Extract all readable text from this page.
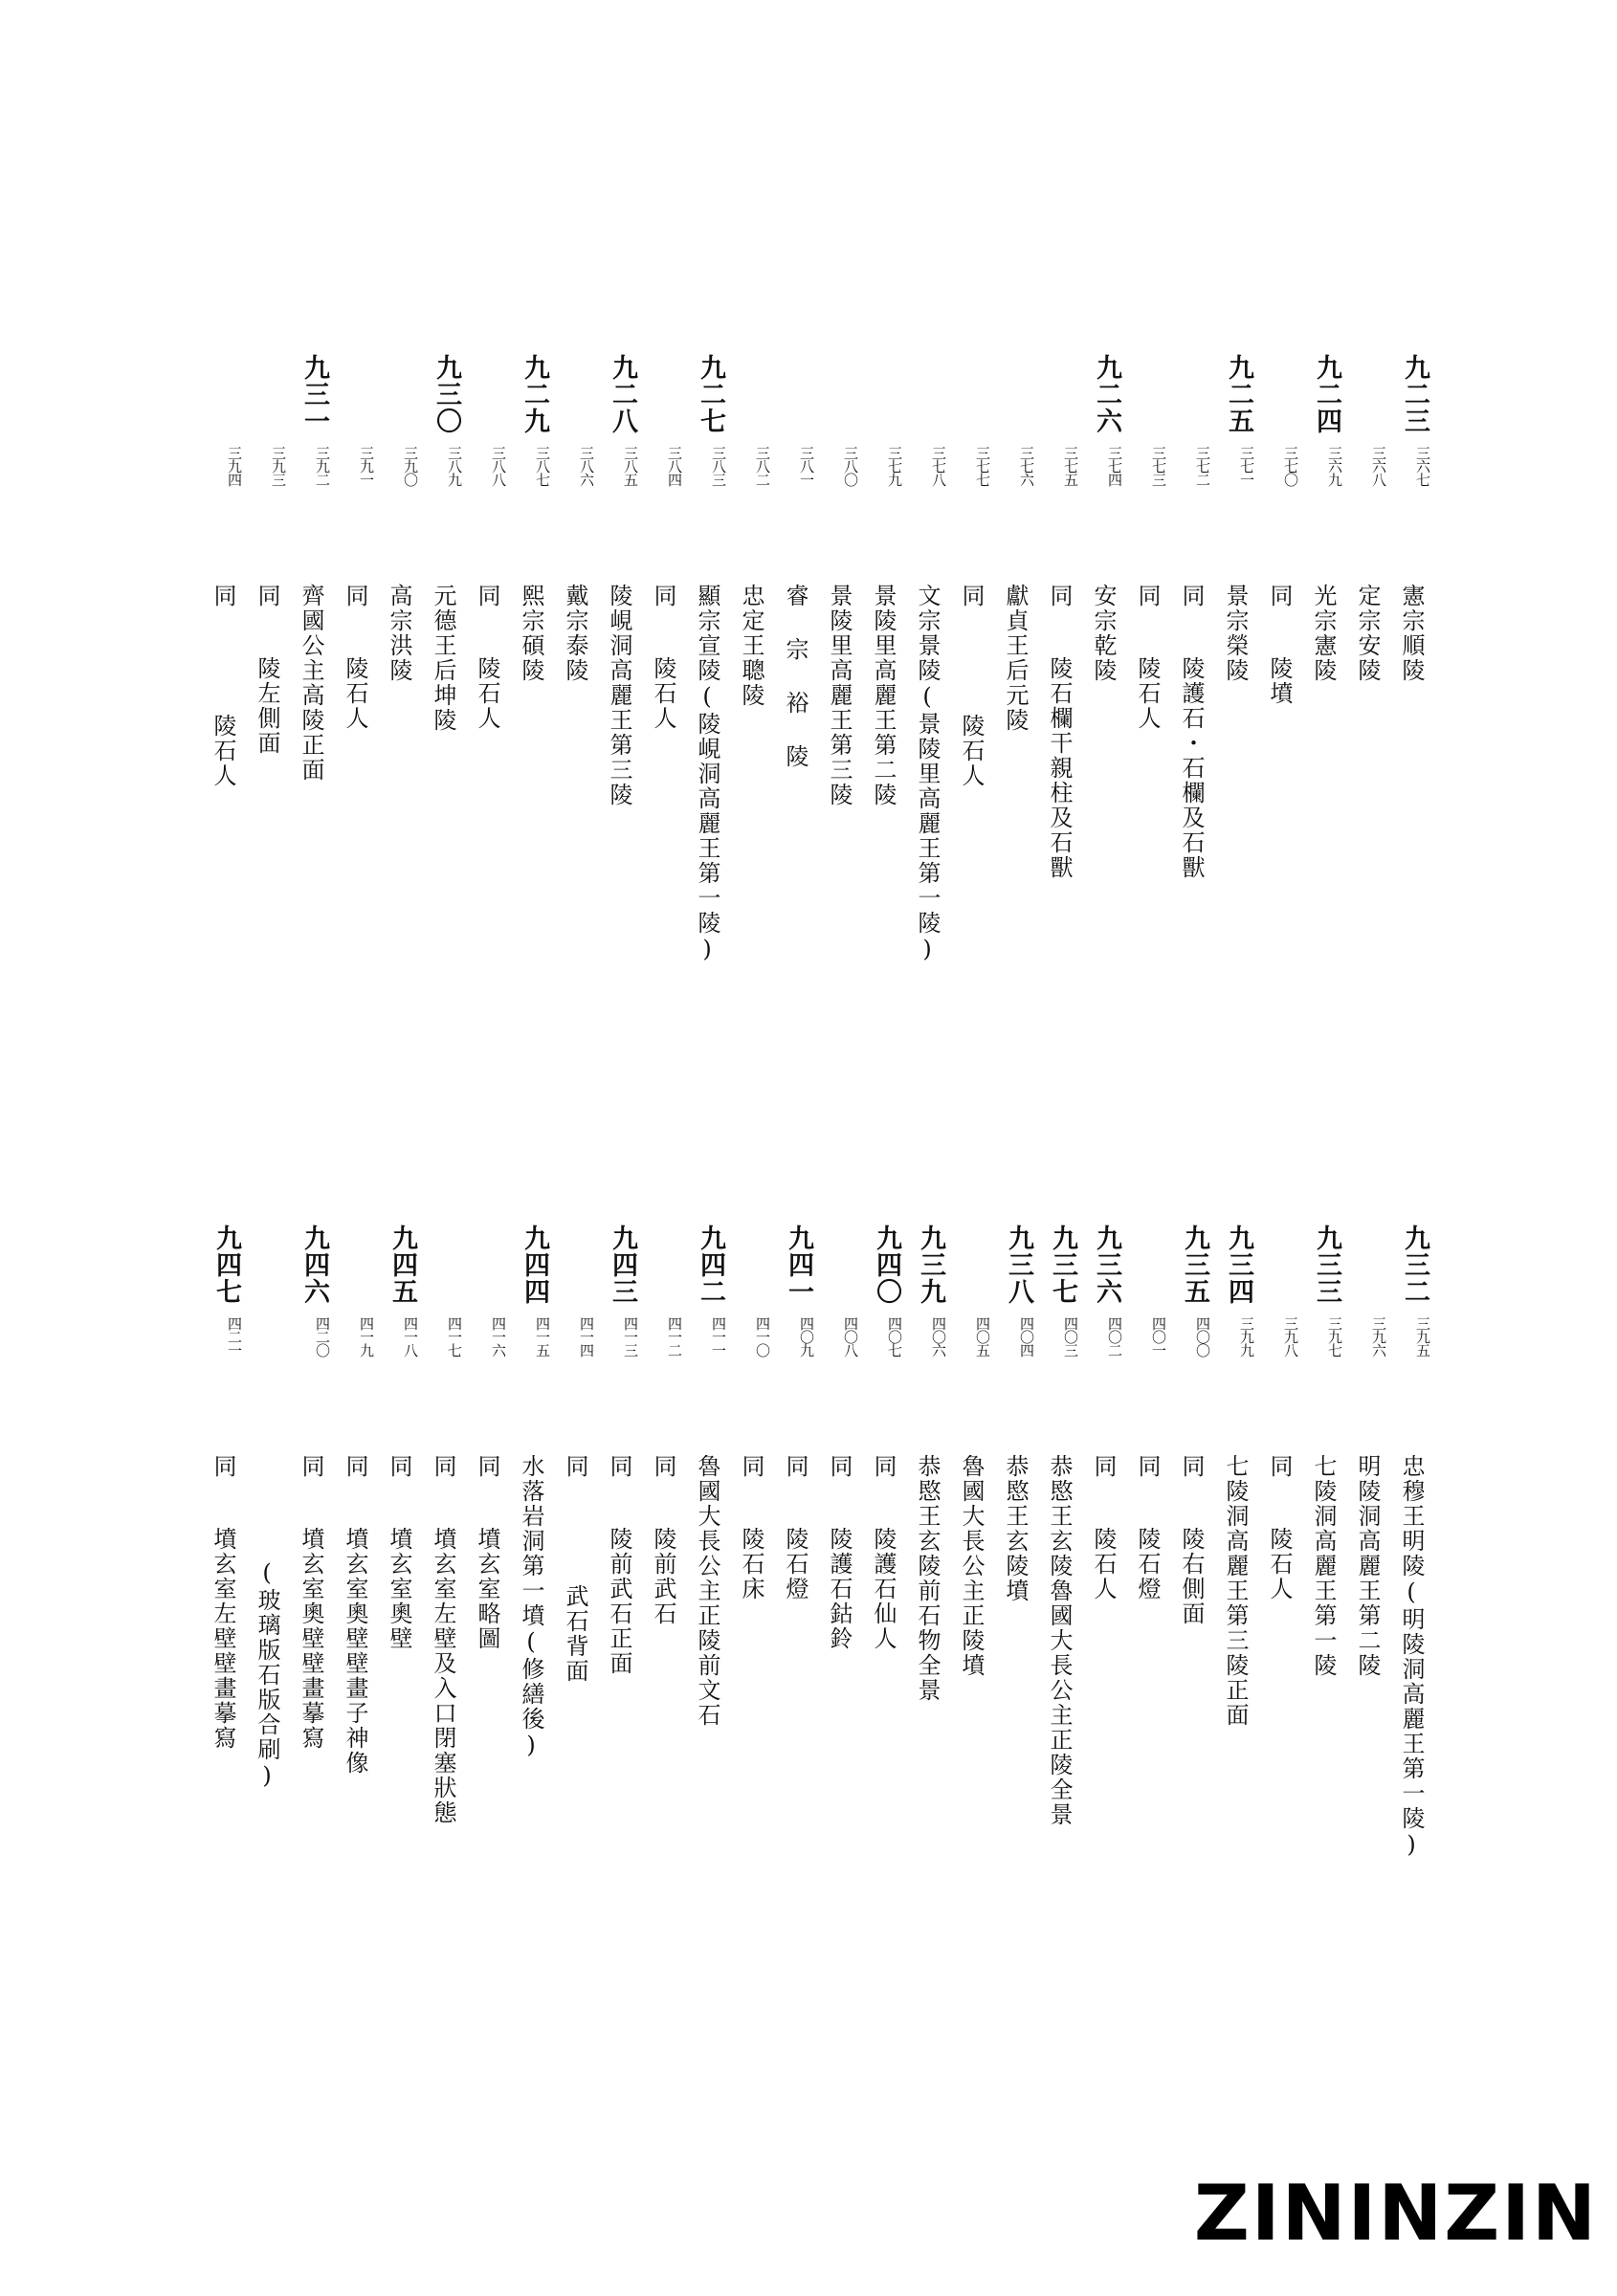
九二三
三六七
憲宗順陵
三六八
定宗安陵
九二四
三六九
光宗憲陵
三七〇
同陵墳
九二五
三七一
景宗榮陵
三七二
同陵護石・石欄及石獸
三七三
同陵石人
九二六
三七四
安宗乾陵
三七五
同陵石欄干親柱及石獸
三七六
獻貞王后元陵
三七七
同陵石人
三七八
文宗景陵(景陵里高麗王第一陵)
三七九
景陵里高麗王第二陵
三八〇
景陵里高麗王第三陵
三八一
睿 宗 裕 陵
三八二
忠定王聰陵
九二七
三八三
顯宗宣陵(陵峴洞高麗王第一陵)
三八四
同陵石人
九二八
三八五
陵峴洞高麗王第三陵
三八六
戴宗泰陵
九二九
三八七
熙宗碩陵
三八八
同陵石人
九三〇
三八九
元德王后坤陵
三九〇
高宗洪陵
三九一
同陵石人
九三一
三九二
齊國公主高陵正面
三九三
同陵左側面
三九四
同陵石人
九三二
三九五
忠穆王明陵(明陵洞高麗王第一陵)
三九六
明陵洞高麗王第二陵
九三三
三九七
七陵洞高麗王第一陵
三九八
同陵石人
九三四
三九九
七陵洞高麗王第三陵正面
九三五
四〇〇
同陵右側面
四〇一
同陵石燈
九三六
四〇二
同陵石人
九三七
四〇三
恭愍王玄陵魯國大長公主正陵全景
九三八
四〇四
恭愍王玄陵墳
四〇五
魯國大長公主正陵墳
九三九
四〇六
恭愍王玄陵前石物全景
九四〇
四〇七
同陵護石仙人
四〇八
同陵護石鈷鈴
九四一
四〇九
同陵石燈
四一〇
同陵石床
九四二
四一一
魯國大長公主正陵前文石
四一二
同陵前武石
九四三
四一三
同陵前武石正面
四一四
同武石背面
九四四
四一五
水落岩洞第一墳(修繕後)
四一六
同墳玄室略圖
四一七
同墳玄室左壁及入口閉塞狀態
九四五
四一八
同墳玄室奧壁
四一九
同墳玄室奧壁壁畫子神像
九四六
四二〇
同墳玄室奧壁壁畫摹寫
(玻璃版石版合刷)
九四七
四二一
同墳玄室左壁壁畫摹寫
ZININZIN
